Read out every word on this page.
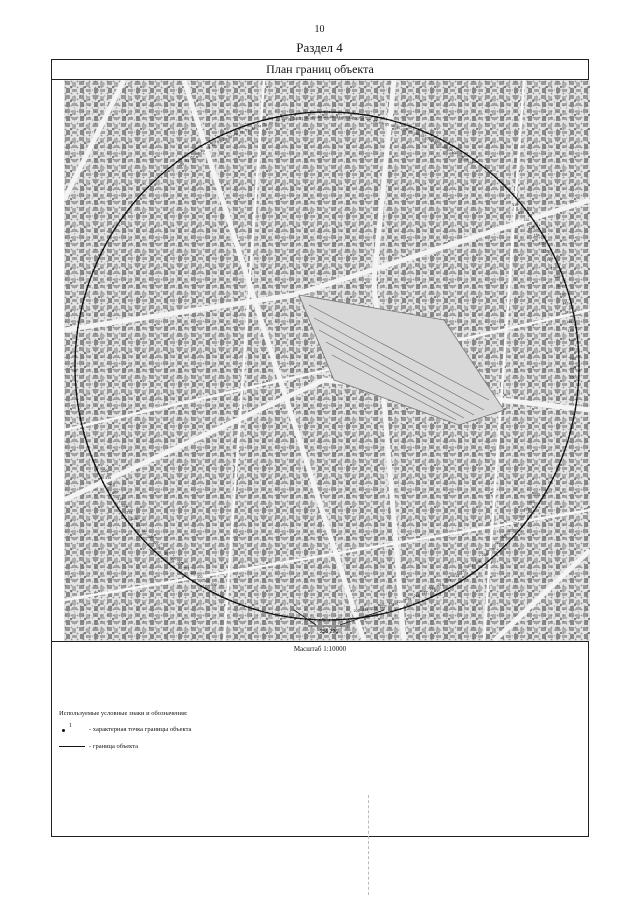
10
Раздел 4
План границ объекта
60
61
62
63
64
65
66
67
68
69
70
71
72 73 74 75 76 77 78 79 80 81 82 83 84 85 86 87 88 89 90 91 92 93 94 95 96 97 98 99
100
101
102
103
104
105
106
107
108
109
110
130
131
132
133
134
135
136
137
138
139
140
141
142
143
144
145
146
147
148
149
150
200
201
202
203
204
205
206
207
208
209
210
211
212
213
214
215
216
217
218
219
220
221
222
223
224
225
300
301
302
303
304
305
306
307
308
309
310
311
312
313
314
315
316
317
318
319
320
256 296
Масштаб 1:10000
Используемые условные знаки и обозначения:
1	- характерная точка границы объекта
- граница объекта
